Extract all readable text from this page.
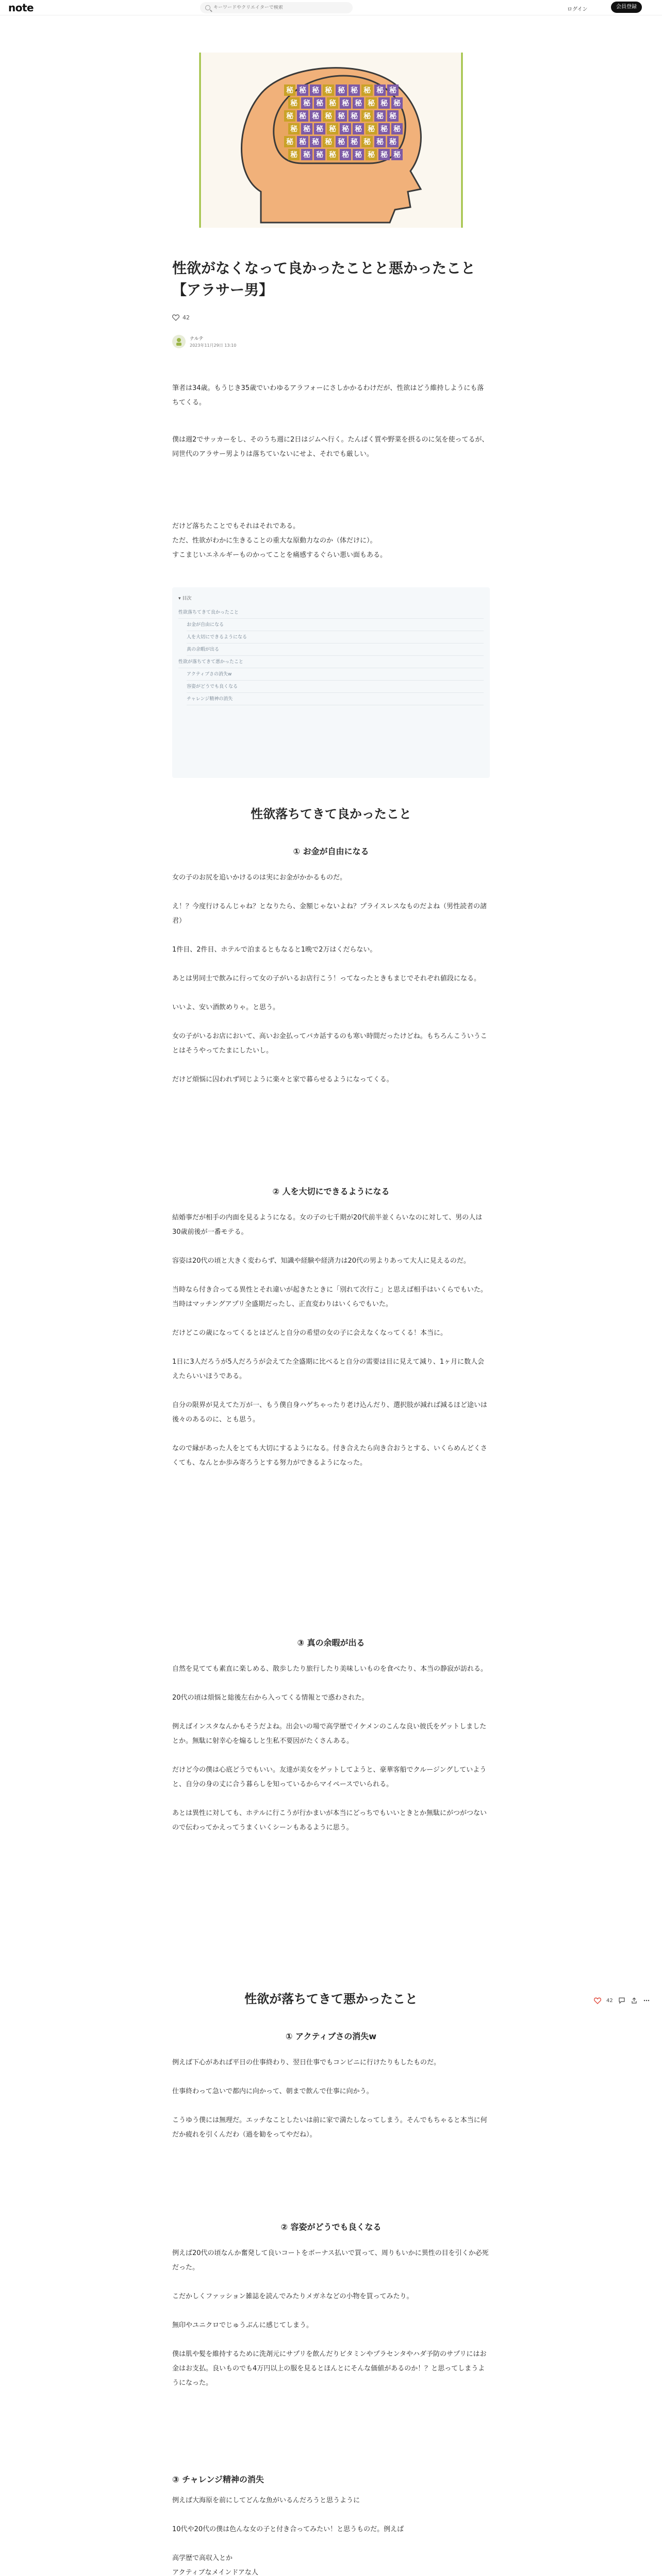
note
キーワードやクリエイターで検索	ログイン	会員登録
秘 秘 秘 秘 秘 秘 秘 秘 秘
秘 秘 秘 秘 秘 秘 秘 秘 秘
秘 秘 秘 秘 秘 秘 秘 秘 秘
秘 秘 秘 秘 秘 秘 秘 秘 秘
秘 秘 秘 秘 秘 秘 秘 秘 秘
秘 秘 秘 秘 秘 秘 秘 秘 秘
性欲がなくなって良かったことと悪かったこと【アラサー男】
42
ナルテ
2023年11月29日 13:10
筆者は34歳。もうじき35歳でいわゆるアラフォーにさしかかるわけだが、性欲はどう維持しようにも落ちてくる。
僕は週2でサッカーをし、そのうち週に2日はジムへ行く。たんぱく質や野菜を摂るのに気を使ってるが、同世代のアラサー男よりは落ちていないにせよ、それでも厳しい。

だけど落ちたことでもそれはそれである。
ただ、性欲がわかに生きることの重大な原動力なのか（体だけに）。
すこまじいエネルギーものかってことを痛感するぐらい悪い面もある。

▾ 目次
性欲落ちてきて良かったこと
お金が自由になる
人を大切にできるようになる
真の余暇が出る
性欲が落ちてきて悪かったこと
アクティブさの消失w
容姿がどうでも良くなる
チャレンジ精神の消失
性欲落ちてきて良かったこと
① お金が自由になる
女の子のお尻を追いかけるのは実にお金がかかるものだ。
え！？今度行けるんじゃね？となりたら、金額じゃないよね？プライスレスなものだよね（男性読者の諸君）
1件目、2件目、ホテルで泊まるともなると1晩で2万はくだらない。
あとは男同士で飲みに行って女の子がいるお店行こう！ってなったときもまじでそれぞれ値段になる。
いいよ、安い酒飲めりゃ。と思う。
女の子がいるお店において、高いお金払ってバカ話するのも寒い時間だったけどね。もちろんこういうことはそうやってたまにしたいし。
だけど煩悩に囚われず同じように楽々と家で暮らせるようになってくる。
② 人を大切にできるようになる
結婚事だが相手の内面を見るようになる。女の子の七千期が20代前半並くらいなのに対して、男の人は30歳前後が一番モテる。
容姿は20代の頃と大きく変わらず、知識や経験や経済力は20代の男よりあって大人に見えるのだ。
当時なら付き合ってる異性とそれ違いが起きたときに「別れて次行こ」と思えば相手はいくらでもいた。当時はマッチングアプリ全盛期だったし、正直変わりはいくらでもいた。
だけどこの歳になってくるとはどんと自分の希望の女の子に会えなくなってくる！本当に。
1日に3人だろうが5人だろうが会えてた全盛期に比べると自分の需要は目に見えて減り、1ヶ月に数人会えたらいいほうである。
自分の限界が見えてた万が一、もう僕自身ハゲちゃったり老け込んだり、選択肢が減れば減るほど途いは後々のあるのに、とも思う。
なので縁があった人をとても大切にするようになる。付き合えたら向き合おうとする、いくらめんどくさくても、なんとか歩み寄ろうとする努力ができるようになった。
③ 真の余暇が出る
自然を見てても素直に楽しめる、散歩したり旅行したり美味しいものを食べたり、本当の静寂が訪れる。
20代の頃は煩悩と総後左右から入ってくる情報とで惑わされた。
例えばインスタなんかもそうだよね。出会いの場で高学歴でイケメンのこんな良い彼氏をゲットしましたとか。無駄に射幸心を煽るしと生私不要因がたくさんある。
だけど今の僕は心底どうでもいい。友達が美女をゲットしてようと、豪華客船でクルージングしていようと、自分の身の丈に合う暮らしを知っているからマイペースでいられる。
あとは異性に対しても、ホテルに行こうが行かまいが本当にどっちでもいいときとか無駄にがつがつないので伝わってかえってうまくいくシーンもあるように思う。
性欲が落ちてきて悪かったこと
① アクティブさの消失w
例えば下心があれば平日の仕事終わり、翌日仕事でもコンビニに行けたりもしたものだ。
仕事終わって急いで都内に向かって、朝まで飲んで仕事に向かう。
こうゆう僕には無理だ。エッチなことしたいは前に家で満たしなってしまう。そんでもちゃると本当に何だか疲れを引くんだわ（過を勧をってやだね）。
② 容姿がどうでも良くなる
例えば20代の頃なんか奮発して良いコートをボーナス払いで買って、周りもいかに異性の目を引くか必死だった。
こだかしくファッション雑誌を読んでみたりメガネなどの小物を買ってみたり。
無印やユニクロでじゅうぶんに感じてしまう。
僕は肌や髪を維持するために洗剤元にサプリを飲んだりビタミンやプラセンタやハダ予防のサプリにはお金はお支払。良いものでも4万円以上の服を見るとほんとにそんな価値があるのか！？と思ってしまうようになった。
③ チャレンジ精神の消失
例えば大海原を前にしてどんな魚がいるんだろうと思うように
10代や20代の僕は色んな女の子と付き合ってみたい！と思うものだ。例えば
高学歴で高収入とか
アクティブなメインドアな人
42
